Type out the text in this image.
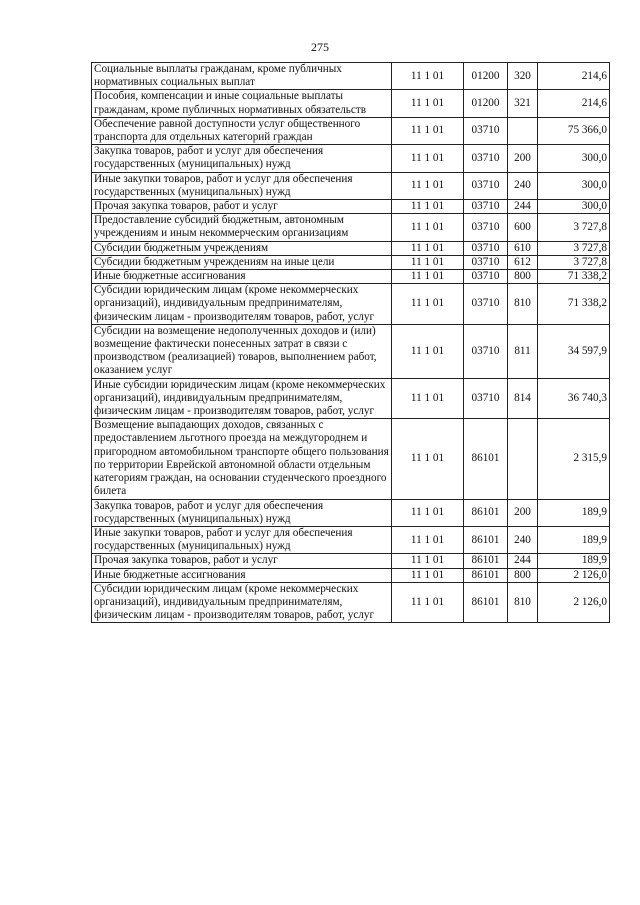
275
Социальные выплаты гражданам, кроме публичных нормативных социальных выплат	11 1 01	01200	320	214,6
Пособия, компенсации и иные социальные выплаты гражданам, кроме публичных нормативных обязательств	11 1 01	01200	321	214,6
Обеспечение равной доступности услуг общественного транспорта для отдельных категорий граждан	11 1 01	03710		75 366,0
Закупка товаров, работ и услуг для обеспечения государственных (муниципальных) нужд	11 1 01	03710	200	300,0
Иные закупки товаров, работ и услуг для обеспечения государственных (муниципальных) нужд	11 1 01	03710	240	300,0
Прочая закупка товаров, работ и услуг	11 1 01	03710	244	300,0
Предоставление субсидий бюджетным, автономным учреждениям и иным некоммерческим организациям	11 1 01	03710	600	3 727,8
Субсидии бюджетным учреждениям	11 1 01	03710	610	3 727,8
Субсидии бюджетным учреждениям на иные цели	11 1 01	03710	612	3 727,8
Иные бюджетные ассигнования	11 1 01	03710	800	71 338,2
Субсидии юридическим лицам (кроме некоммерческих организаций), индивидуальным предпринимателям, физическим лицам - производителям товаров, работ, услуг	11 1 01	03710	810	71 338,2
Субсидии на возмещение недополученных доходов и (или) возмещение фактически понесенных затрат в связи с производством (реализацией) товаров, выполнением работ, оказанием услуг	11 1 01	03710	811	34 597,9
Иные субсидии юридическим лицам (кроме некоммерческих организаций), индивидуальным предпринимателям, физическим лицам - производителям товаров, работ, услуг	11 1 01	03710	814	36 740,3
Возмещение выпадающих доходов, связанных с предоставлением льготного проезда на междугороднем и пригородном автомобильном транспорте общего пользования по территории Еврейской автономной области отдельным категориям граждан, на основании студенческого проездного билета	11 1 01	86101		2 315,9
Закупка товаров, работ и услуг для обеспечения государственных (муниципальных) нужд	11 1 01	86101	200	189,9
Иные закупки товаров, работ и услуг для обеспечения государственных (муниципальных) нужд	11 1 01	86101	240	189,9
Прочая закупка товаров, работ и услуг	11 1 01	86101	244	189,9
Иные бюджетные ассигнования	11 1 01	86101	800	2 126,0
Субсидии юридическим лицам (кроме некоммерческих организаций), индивидуальным предпринимателям, физическим лицам - производителям товаров, работ, услуг	11 1 01	86101	810	2 126,0
